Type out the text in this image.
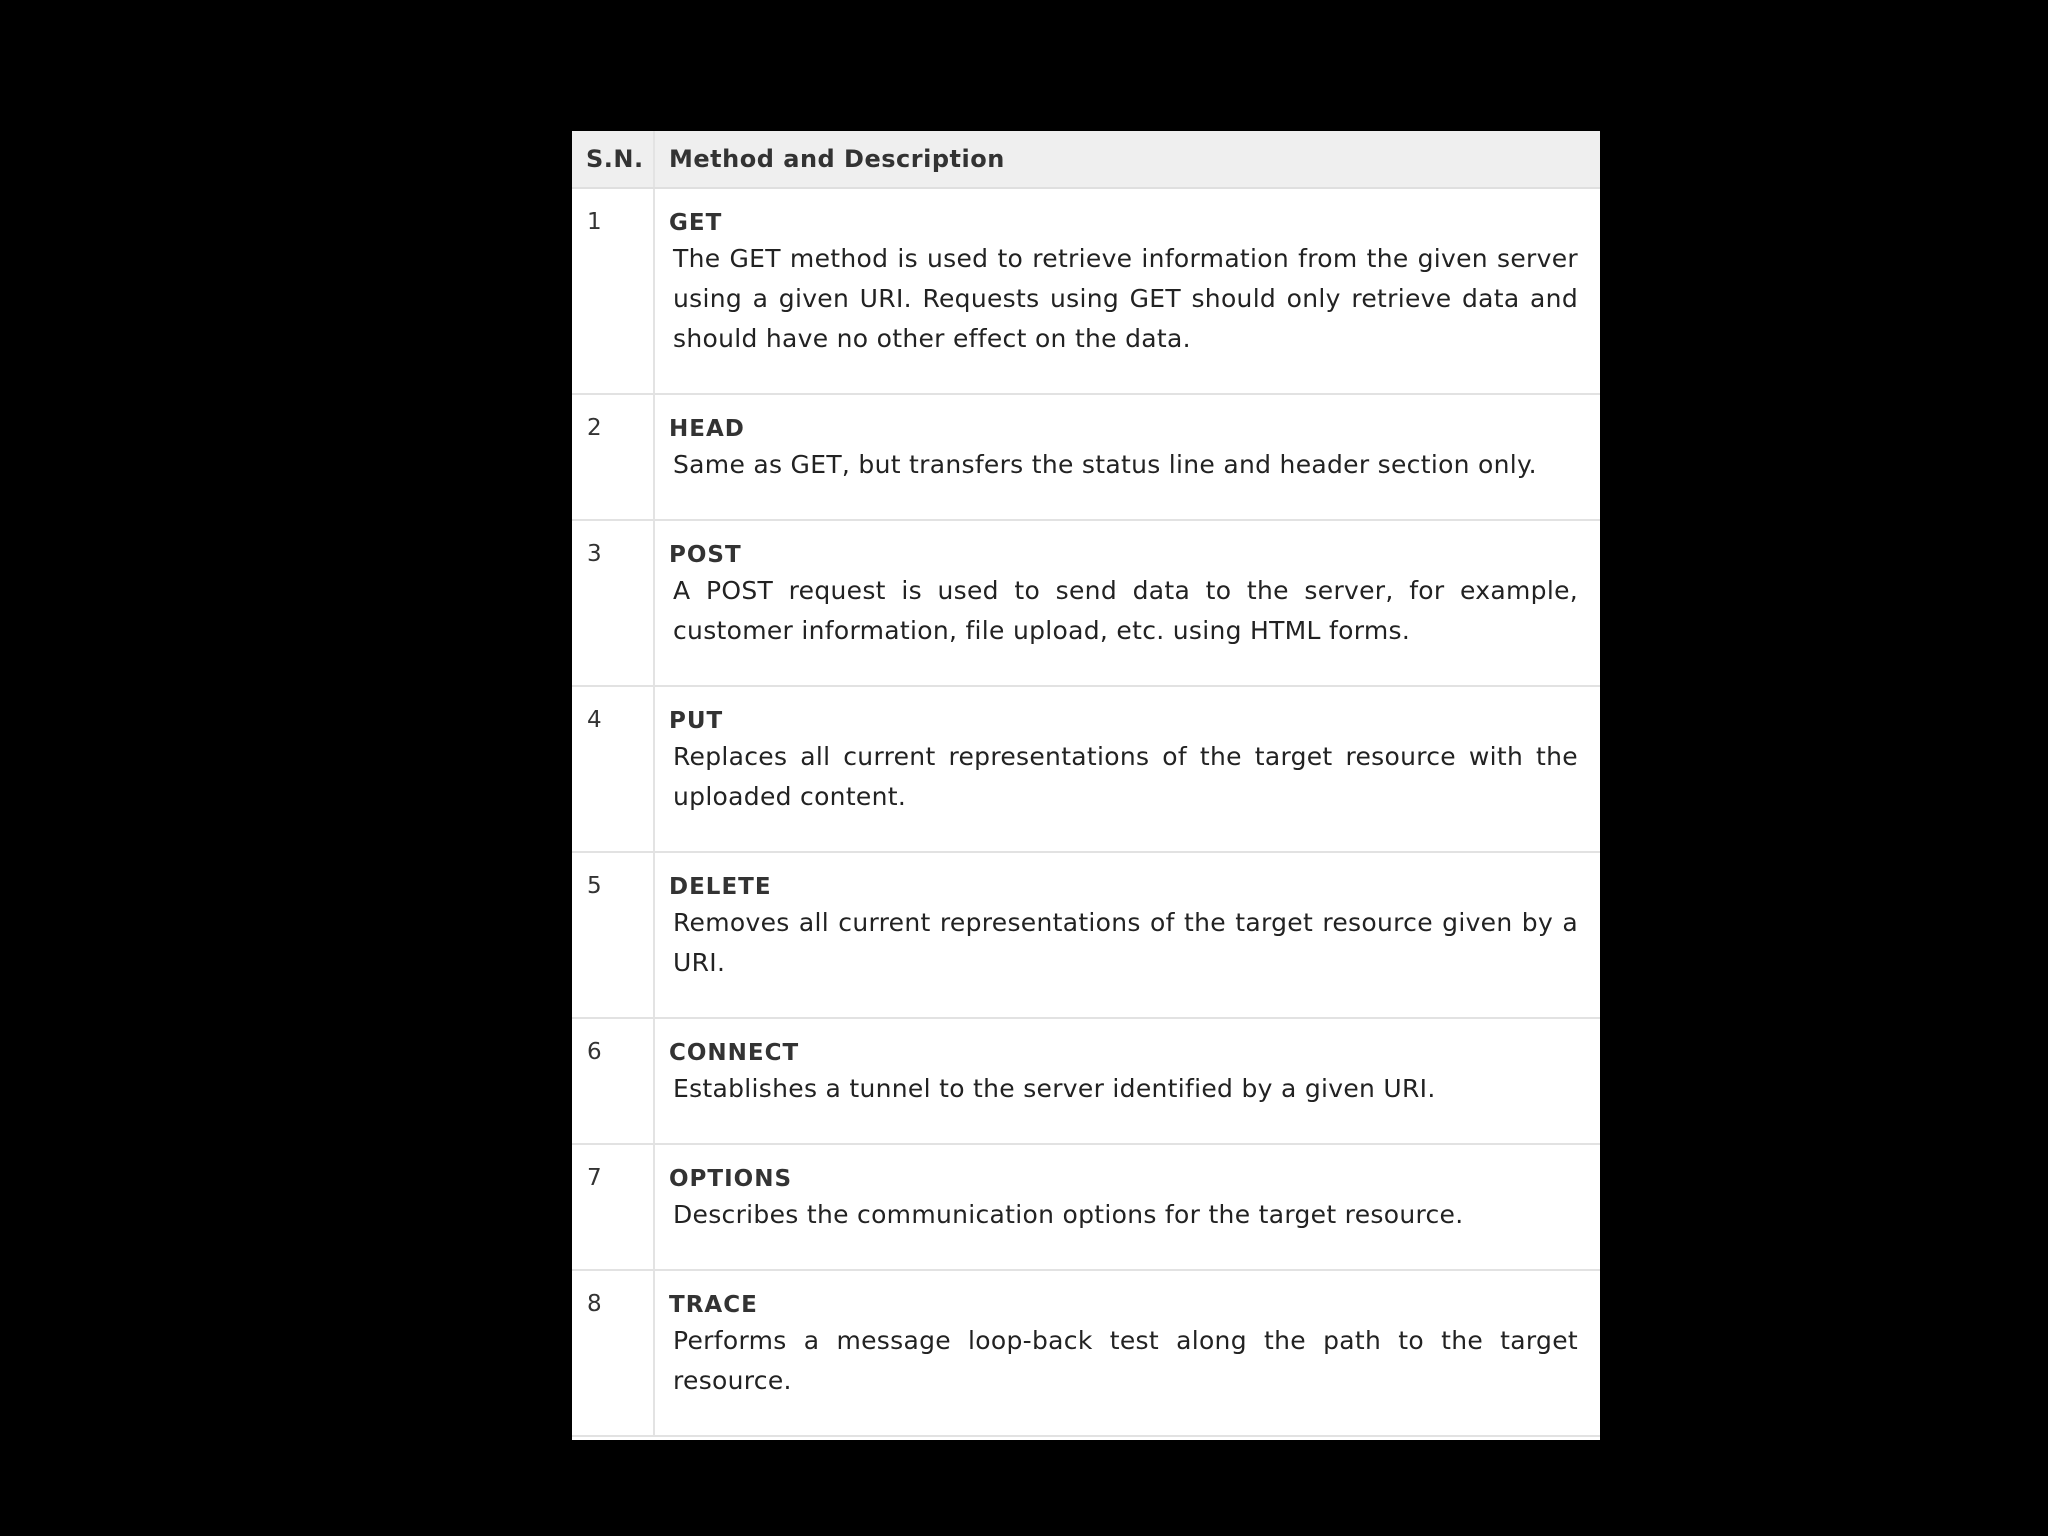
S.N.	Method and Description
1	GET
The GET method is used to retrieve information from the given server using a given URI. Requests using GET should only retrieve data and should have no other effect on the data.

2	HEAD
Same as GET, but transfers the status line and header section only.

3	POST
A POST request is used to send data to the server, for example, customer information, file upload, etc. using HTML forms.

4	PUT
Replaces all current representations of the target resource with the uploaded content.

5	DELETE
Removes all current representations of the target resource given by a URI.

6	CONNECT
Establishes a tunnel to the server identified by a given URI.

7	OPTIONS
Describes the communication options for the target resource.

8	TRACE
Performs a message loop-back test along the path to the target resource.
